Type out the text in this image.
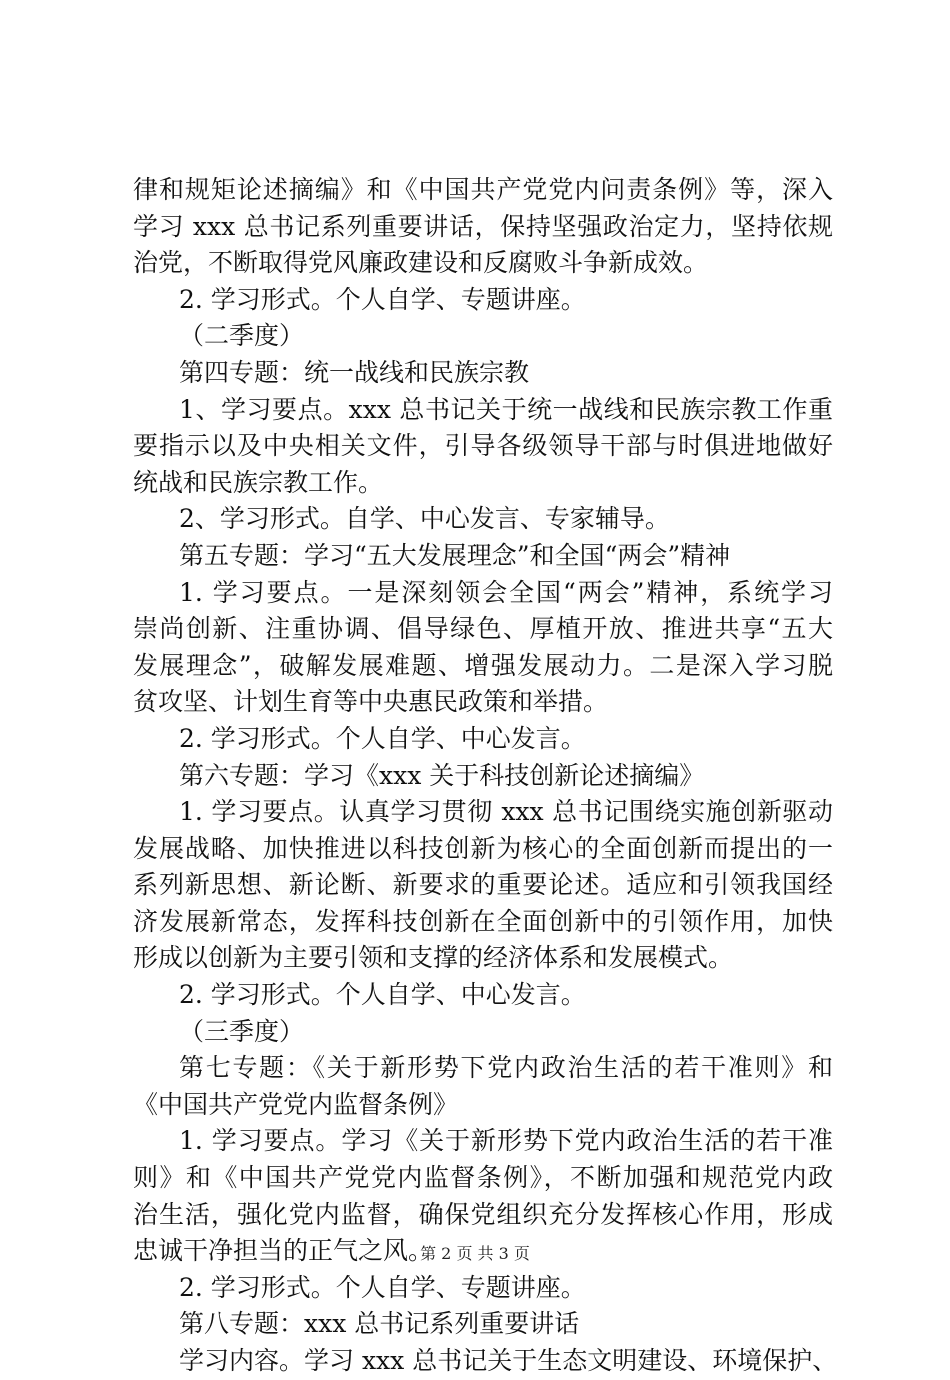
律和规矩论述摘编》和《中国共产党党内问责条例》等，深入
学习 xxx 总书记系列重要讲话，保持坚强政治定力，坚持依规
治党，不断取得党风廉政建设和反腐败斗争新成效。
2. 学习形式。个人自学、专题讲座。
（二季度）
第四专题：统一战线和民族宗教
1、学习要点。xxx 总书记关于统一战线和民族宗教工作重
要指示以及中央相关文件，引导各级领导干部与时俱进地做好
统战和民族宗教工作。
2、学习形式。自学、中心发言、专家辅导。
第五专题：学习“五大发展理念”和全国“两会”精神
1. 学习要点。一是深刻领会全国“两会”精神，系统学习
崇尚创新、注重协调、倡导绿色、厚植开放、推进共享“五大
发展理念”，破解发展难题、增强发展动力。二是深入学习脱
贫攻坚、计划生育等中央惠民政策和举措。
2. 学习形式。个人自学、中心发言。
第六专题：学习《xxx 关于科技创新论述摘编》
1. 学习要点。认真学习贯彻 xxx 总书记围绕实施创新驱动
发展战略、加快推进以科技创新为核心的全面创新而提出的一
系列新思想、新论断、新要求的重要论述。适应和引领我国经
济发展新常态，发挥科技创新在全面创新中的引领作用，加快
形成以创新为主要引领和支撑的经济体系和发展模式。
2. 学习形式。个人自学、中心发言。
（三季度）
第七专题：《关于新形势下党内政治生活的若干准则》和
《中国共产党党内监督条例》
1. 学习要点。学习《关于新形势下党内政治生活的若干准
则》和《中国共产党党内监督条例》，不断加强和规范党内政
治生活，强化党内监督，确保党组织充分发挥核心作用，形成
忠诚干净担当的正气之风。
2. 学习形式。个人自学、专题讲座。
第八专题：xxx 总书记系列重要讲话
学习内容。学习 xxx 总书记关于生态文明建设、环境保护、
第 2 页 共 3 页
